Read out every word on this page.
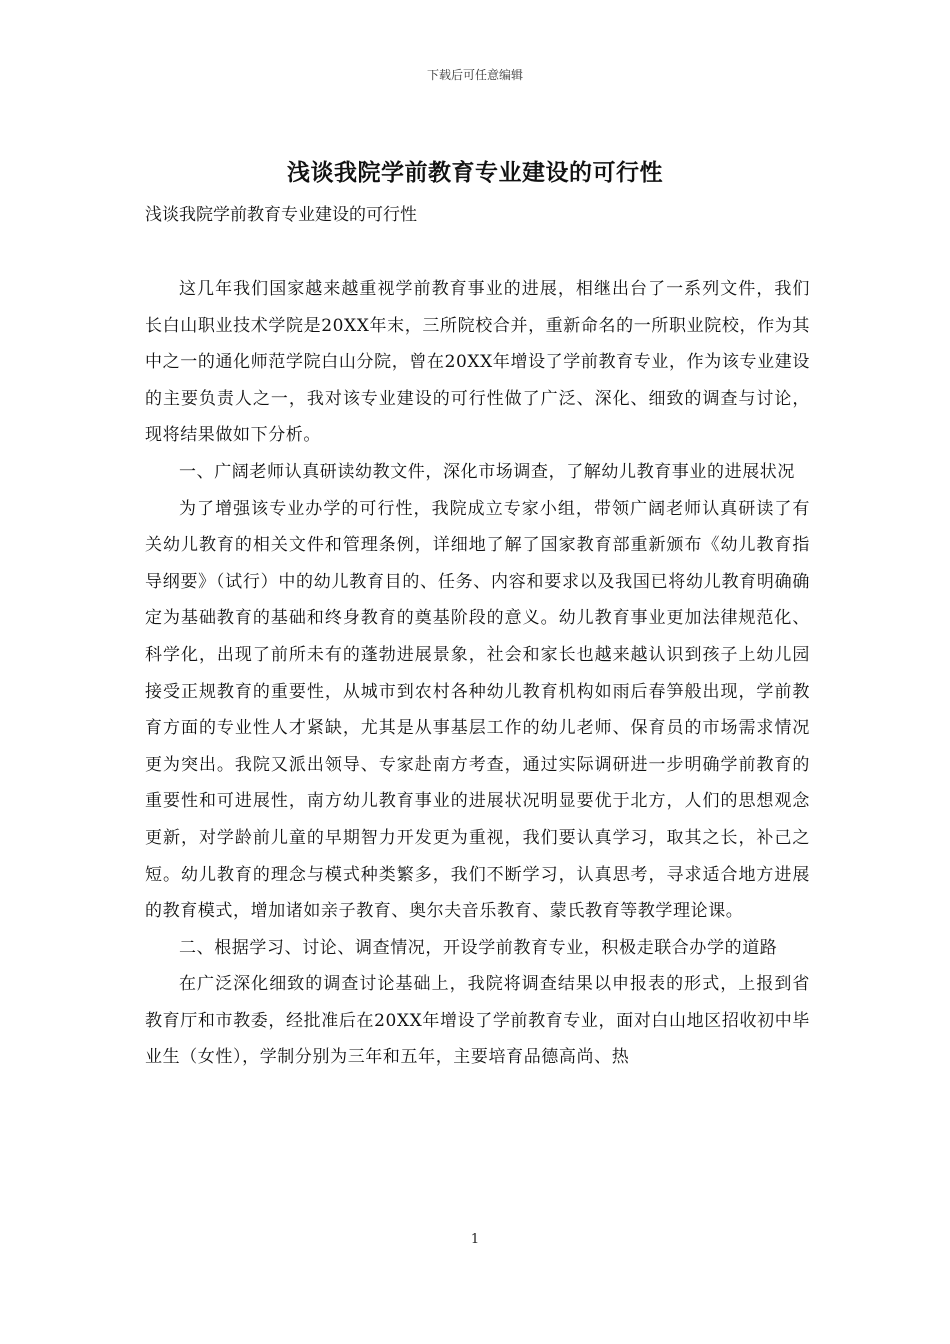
下载后可任意编辑
浅谈我院学前教育专业建设的可行性
浅谈我院学前教育专业建设的可行性

这几年我们国家越来越重视学前教育事业的进展，相继出台了一系列文件，我们长白山职业技术学院是20XX年末，三所院校合并，重新命名的一所职业院校，作为其中之一的通化师范学院白山分院，曾在20XX年增设了学前教育专业，作为该专业建设的主要负责人之一，我对该专业建设的可行性做了广泛、深化、细致的调查与讨论，现将结果做如下分析。

一、广阔老师认真研读幼教文件，深化市场调查，了解幼儿教育事业的进展状况

为了增强该专业办学的可行性，我院成立专家小组，带领广阔老师认真研读了有关幼儿教育的相关文件和管理条例，详细地了解了国家教育部重新颁布《幼儿教育指导纲要》（试行）中的幼儿教育目的、任务、内容和要求以及我国已将幼儿教育明确确定为基础教育的基础和终身教育的奠基阶段的意义。幼儿教育事业更加法律规范化、科学化，出现了前所未有的蓬勃进展景象，社会和家长也越来越认识到孩子上幼儿园接受正规教育的重要性，从城市到农村各种幼儿教育机构如雨后春笋般出现，学前教育方面的专业性人才紧缺，尤其是从事基层工作的幼儿老师、保育员的市场需求情况更为突出。我院又派出领导、专家赴南方考查，通过实际调研进一步明确学前教育的重要性和可进展性，南方幼儿教育事业的进展状况明显要优于北方，人们的思想观念更新，对学龄前儿童的早期智力开发更为重视，我们要认真学习，取其之长，补己之短。幼儿教育的理念与模式种类繁多，我们不断学习，认真思考，寻求适合地方进展的教育模式，增加诸如亲子教育、奥尔夫音乐教育、蒙氏教育等教学理论课。

二、根据学习、讨论、调查情况，开设学前教育专业，积极走联合办学的道路

在广泛深化细致的调查讨论基础上，我院将调查结果以申报表的形式，上报到省教育厅和市教委，经批准后在20XX年增设了学前教育专业，面对白山地区招收初中毕业生（女性），学制分别为三年和五年，主要培育品德高尚、热

1
